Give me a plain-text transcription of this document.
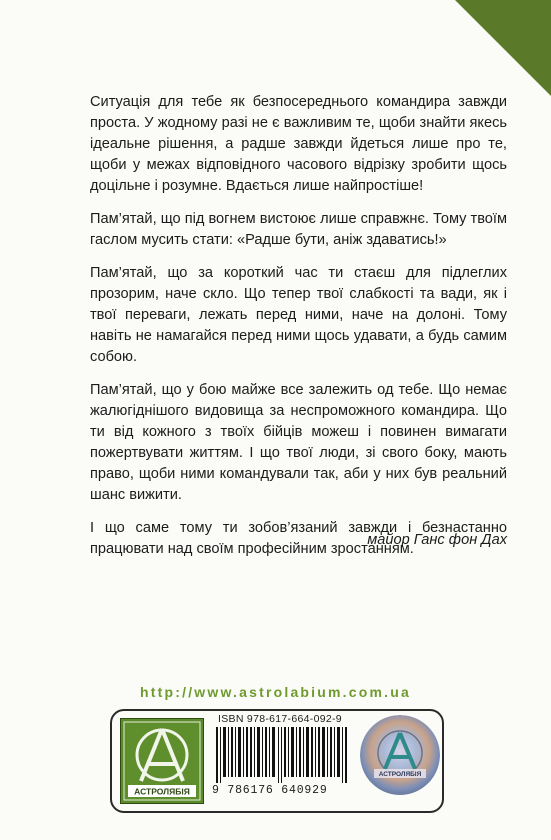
Ситуація для тебе як безпосереднього командира завжди проста. У жодному разі не є важливим те, щоби знайти якесь ідеальне рішення, а радше завжди йдеться лише про те, щоби у межах відповідного часового відрізку зробити щось доцільне і розумне. Вдається лише найпростіше!

Пам’ятай, що під вогнем вистоює лише справжнє. Тому твоїм гаслом мусить стати: «Радше бути, аніж здаватись!»

Пам’ятай, що за короткий час ти стаєш для підлеглих прозорим, наче скло. Що тепер твої слабкості та вади, як і твої переваги, лежать перед ними, наче на долоні. Тому навіть не намагайся перед ними щось удавати, а будь самим собою.

Пам’ятай, що у бою майже все залежить од тебе. Що немає жалюгіднішого видовища за неспроможного командира. Що ти від кожного з твоїх бійців можеш і повинен вимагати пожертвувати життям. І що твої люди, зі свого боку, мають право, щоби ними командували так, аби у них був реальний шанс вижити.

І що саме тому ти зобов’язаний завжди і безнастанно працювати над своїм професійним зростанням.

майор Ганс фон Дах
http://www.astrolabium.com.ua
АСТРОЛЯБІЯ
ISBN 978-617-664-092-9
9 786176 640929
АСТРОЛЯБІЯ
